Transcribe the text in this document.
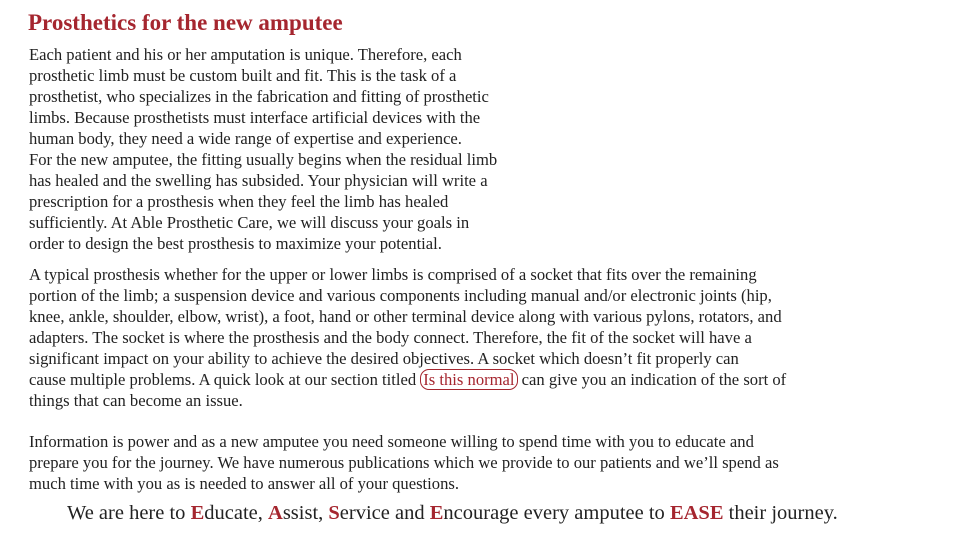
Prosthetics for the new amputee

Each patient and his or her amputation is unique. Therefore, each
prosthetic limb must be custom built and fit. This is the task of a
prosthetist, who specializes in the fabrication and fitting of prosthetic
limbs. Because prosthetists must interface artificial devices with the
human body, they need a wide range of expertise and experience.
For the new amputee, the fitting usually begins when the residual limb
has healed and the swelling has subsided. Your physician will write a
prescription for a prosthesis when they feel the limb has healed
sufficiently. At Able Prosthetic Care, we will discuss your goals in
order to design the best prosthesis to maximize your potential.

A typical prosthesis whether for the upper or lower limbs is comprised of a socket that fits over the remaining
portion of the limb; a suspension device and various components including manual and/or electronic joints (hip,
knee, ankle, shoulder, elbow, wrist), a foot, hand or other terminal device along with various pylons, rotators, and
adapters. The socket is where the prosthesis and the body connect. Therefore, the fit of the socket will have a
significant impact on your ability to achieve the desired objectives. A socket which doesn’t fit properly can
cause multiple problems. A quick look at our section titled Is this normal can give you an indication of the sort of
things that can become an issue.

Information is power and as a new amputee you need someone willing to spend time with you to educate and
prepare you for the journey. We have numerous publications which we provide to our patients and we’ll spend as
much time with you as is needed to answer all of your questions.

We are here to Educate, Assist, Service and Encourage every amputee to EASE their journey.
